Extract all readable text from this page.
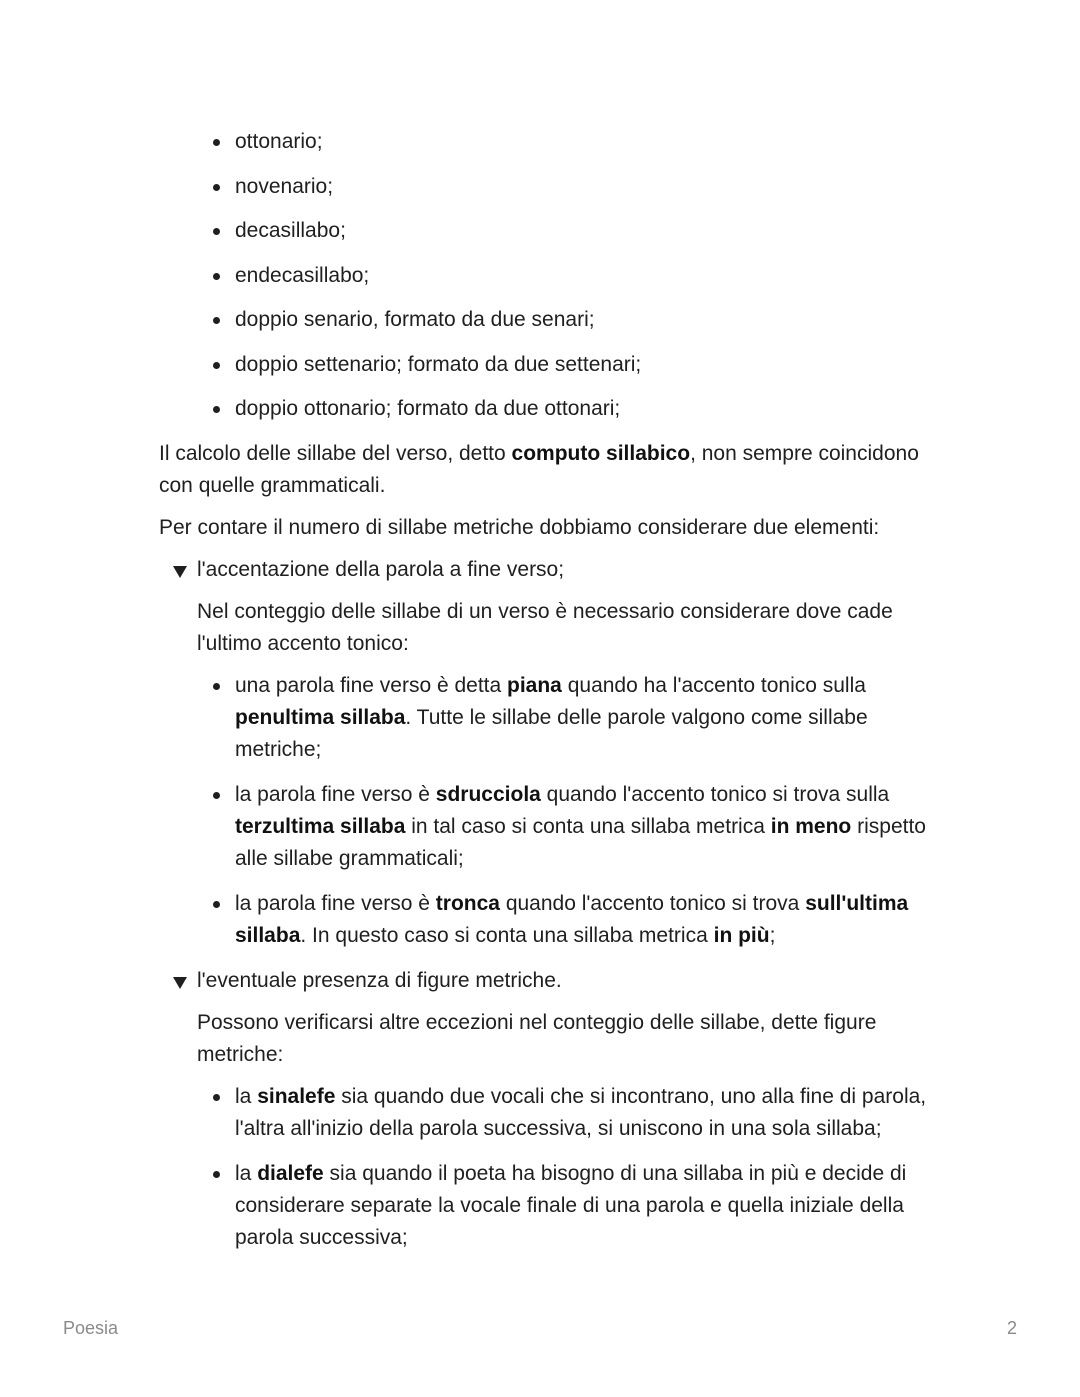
ottonario;
novenario;
decasillabo;
endecasillabo;
doppio senario, formato da due senari;
doppio settenario; formato da due settenari;
doppio ottonario; formato da due ottonari;

Il calcolo delle sillabe del verso, detto computo sillabico, non sempre coincidono con quelle grammaticali.

Per contare il numero di sillabe metriche dobbiamo considerare due elementi:

l'accentazione della parola a fine verso;

Nel conteggio delle sillabe di un verso è necessario considerare dove cade l'ultimo accento tonico:

una parola fine verso è detta piana quando ha l'accento tonico sulla penultima sillaba. Tutte le sillabe delle parole valgono come sillabe metriche;
la parola fine verso è sdrucciola quando l'accento tonico si trova sulla terzultima sillaba in tal caso si conta una sillaba metrica in meno rispetto alle sillabe grammaticali;
la parola fine verso è tronca quando l'accento tonico si trova sull'ultima sillaba. In questo caso si conta una sillaba metrica in più;
l'eventuale presenza di figure metriche.

Possono verificarsi altre eccezioni nel conteggio delle sillabe, dette figure metriche:

la sinalefe sia quando due vocali che si incontrano, uno alla fine di parola, l'altra all'inizio della parola successiva, si uniscono in una sola sillaba;
la dialefe sia quando il poeta ha bisogno di una sillaba in più e decide di considerare separate la vocale finale di una parola e quella iniziale della parola successiva;
Poesia	2
